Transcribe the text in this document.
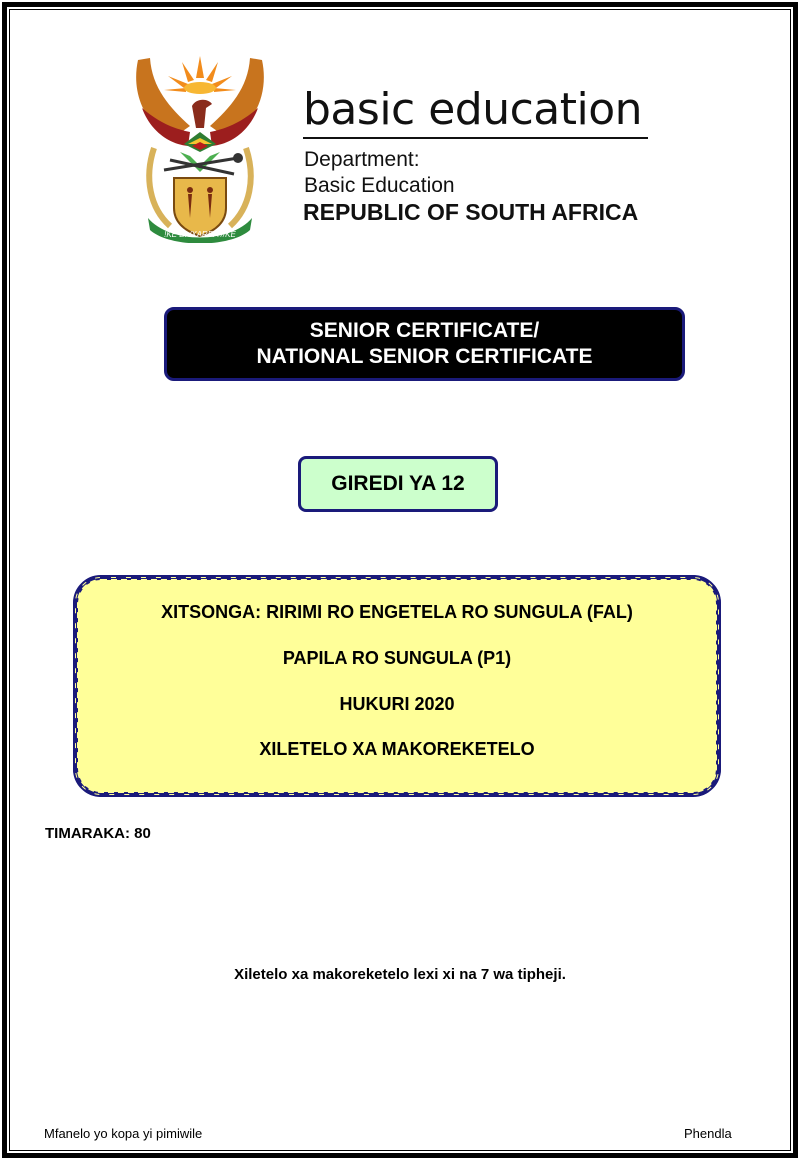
!KE E: /XARRA //KE
basic education
Department:
Basic Education
REPUBLIC OF SOUTH AFRICA
SENIOR CERTIFICATE/
NATIONAL SENIOR CERTIFICATE
GIREDI YA 12
XITSONGA: RIRIMI RO ENGETELA RO SUNGULA (FAL)
PAPILA RO SUNGULA (P1)
HUKURI 2020
XILETELO XA MAKOREKETELO
TIMARAKA: 80
Xiletelo xa makoreketelo lexi xi na 7 wa tipheji.
Mfanelo yo kopa yi pimiwile	Phendla
